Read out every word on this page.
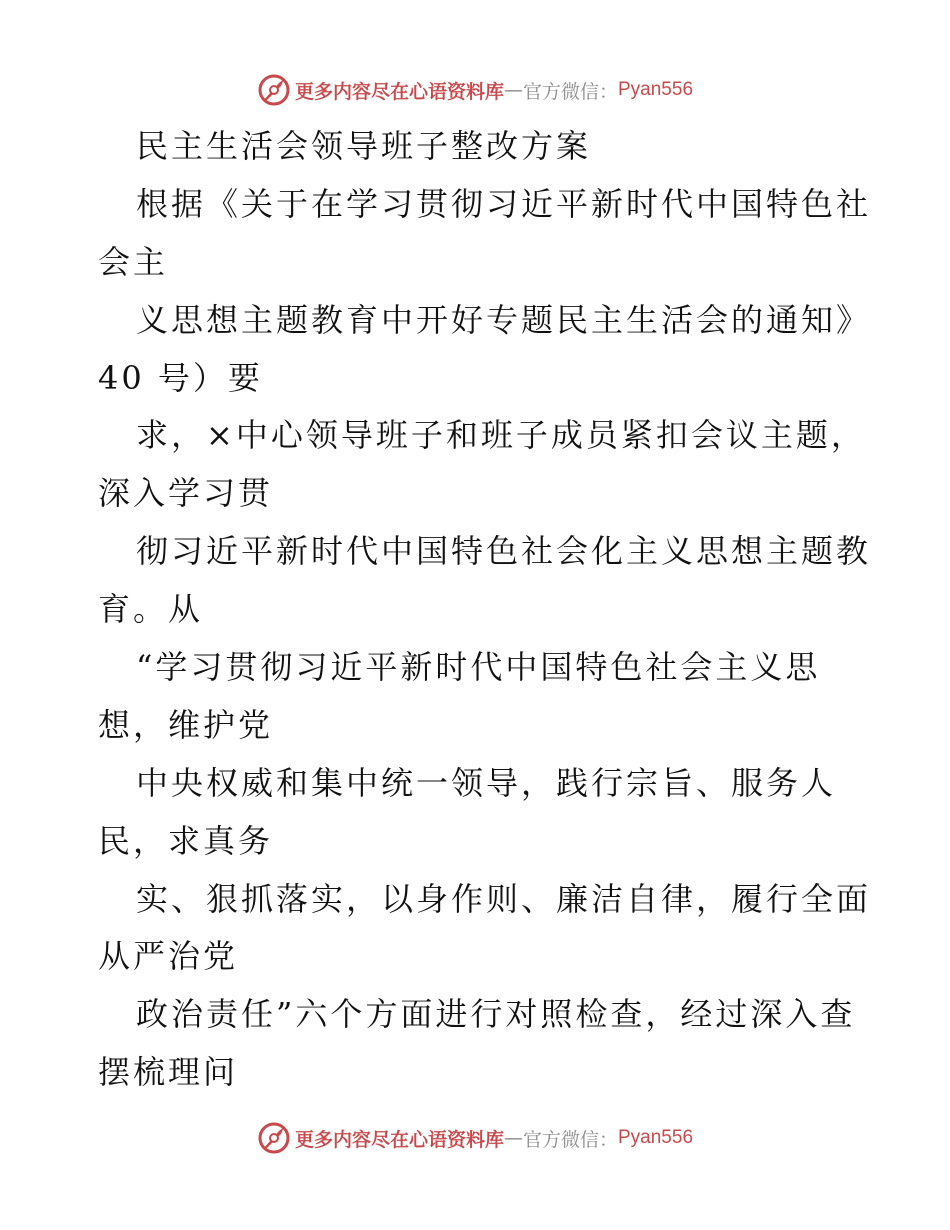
更多内容尽在心语资料库 — 官方微信： Pyan556
民主生活会领导班子整改方案
根据《关于在学习贯彻习近平新时代中国特色社
会主
义思想主题教育中开好专题民主生活会的通知》
40 号）要
求，×中心领导班子和班子成员紧扣会议主题，
深入学习贯
彻习近平新时代中国特色社会化主义思想主题教
育。从
“学习贯彻习近平新时代中国特色社会主义思
想，维护党
中央权威和集中统一领导，践行宗旨、服务人
民，求真务
实、狠抓落实，以身作则、廉洁自律，履行全面
从严治党
政治责任”六个方面进行对照检查，经过深入查
摆梳理问
更多内容尽在心语资料库 — 官方微信： Pyan556
